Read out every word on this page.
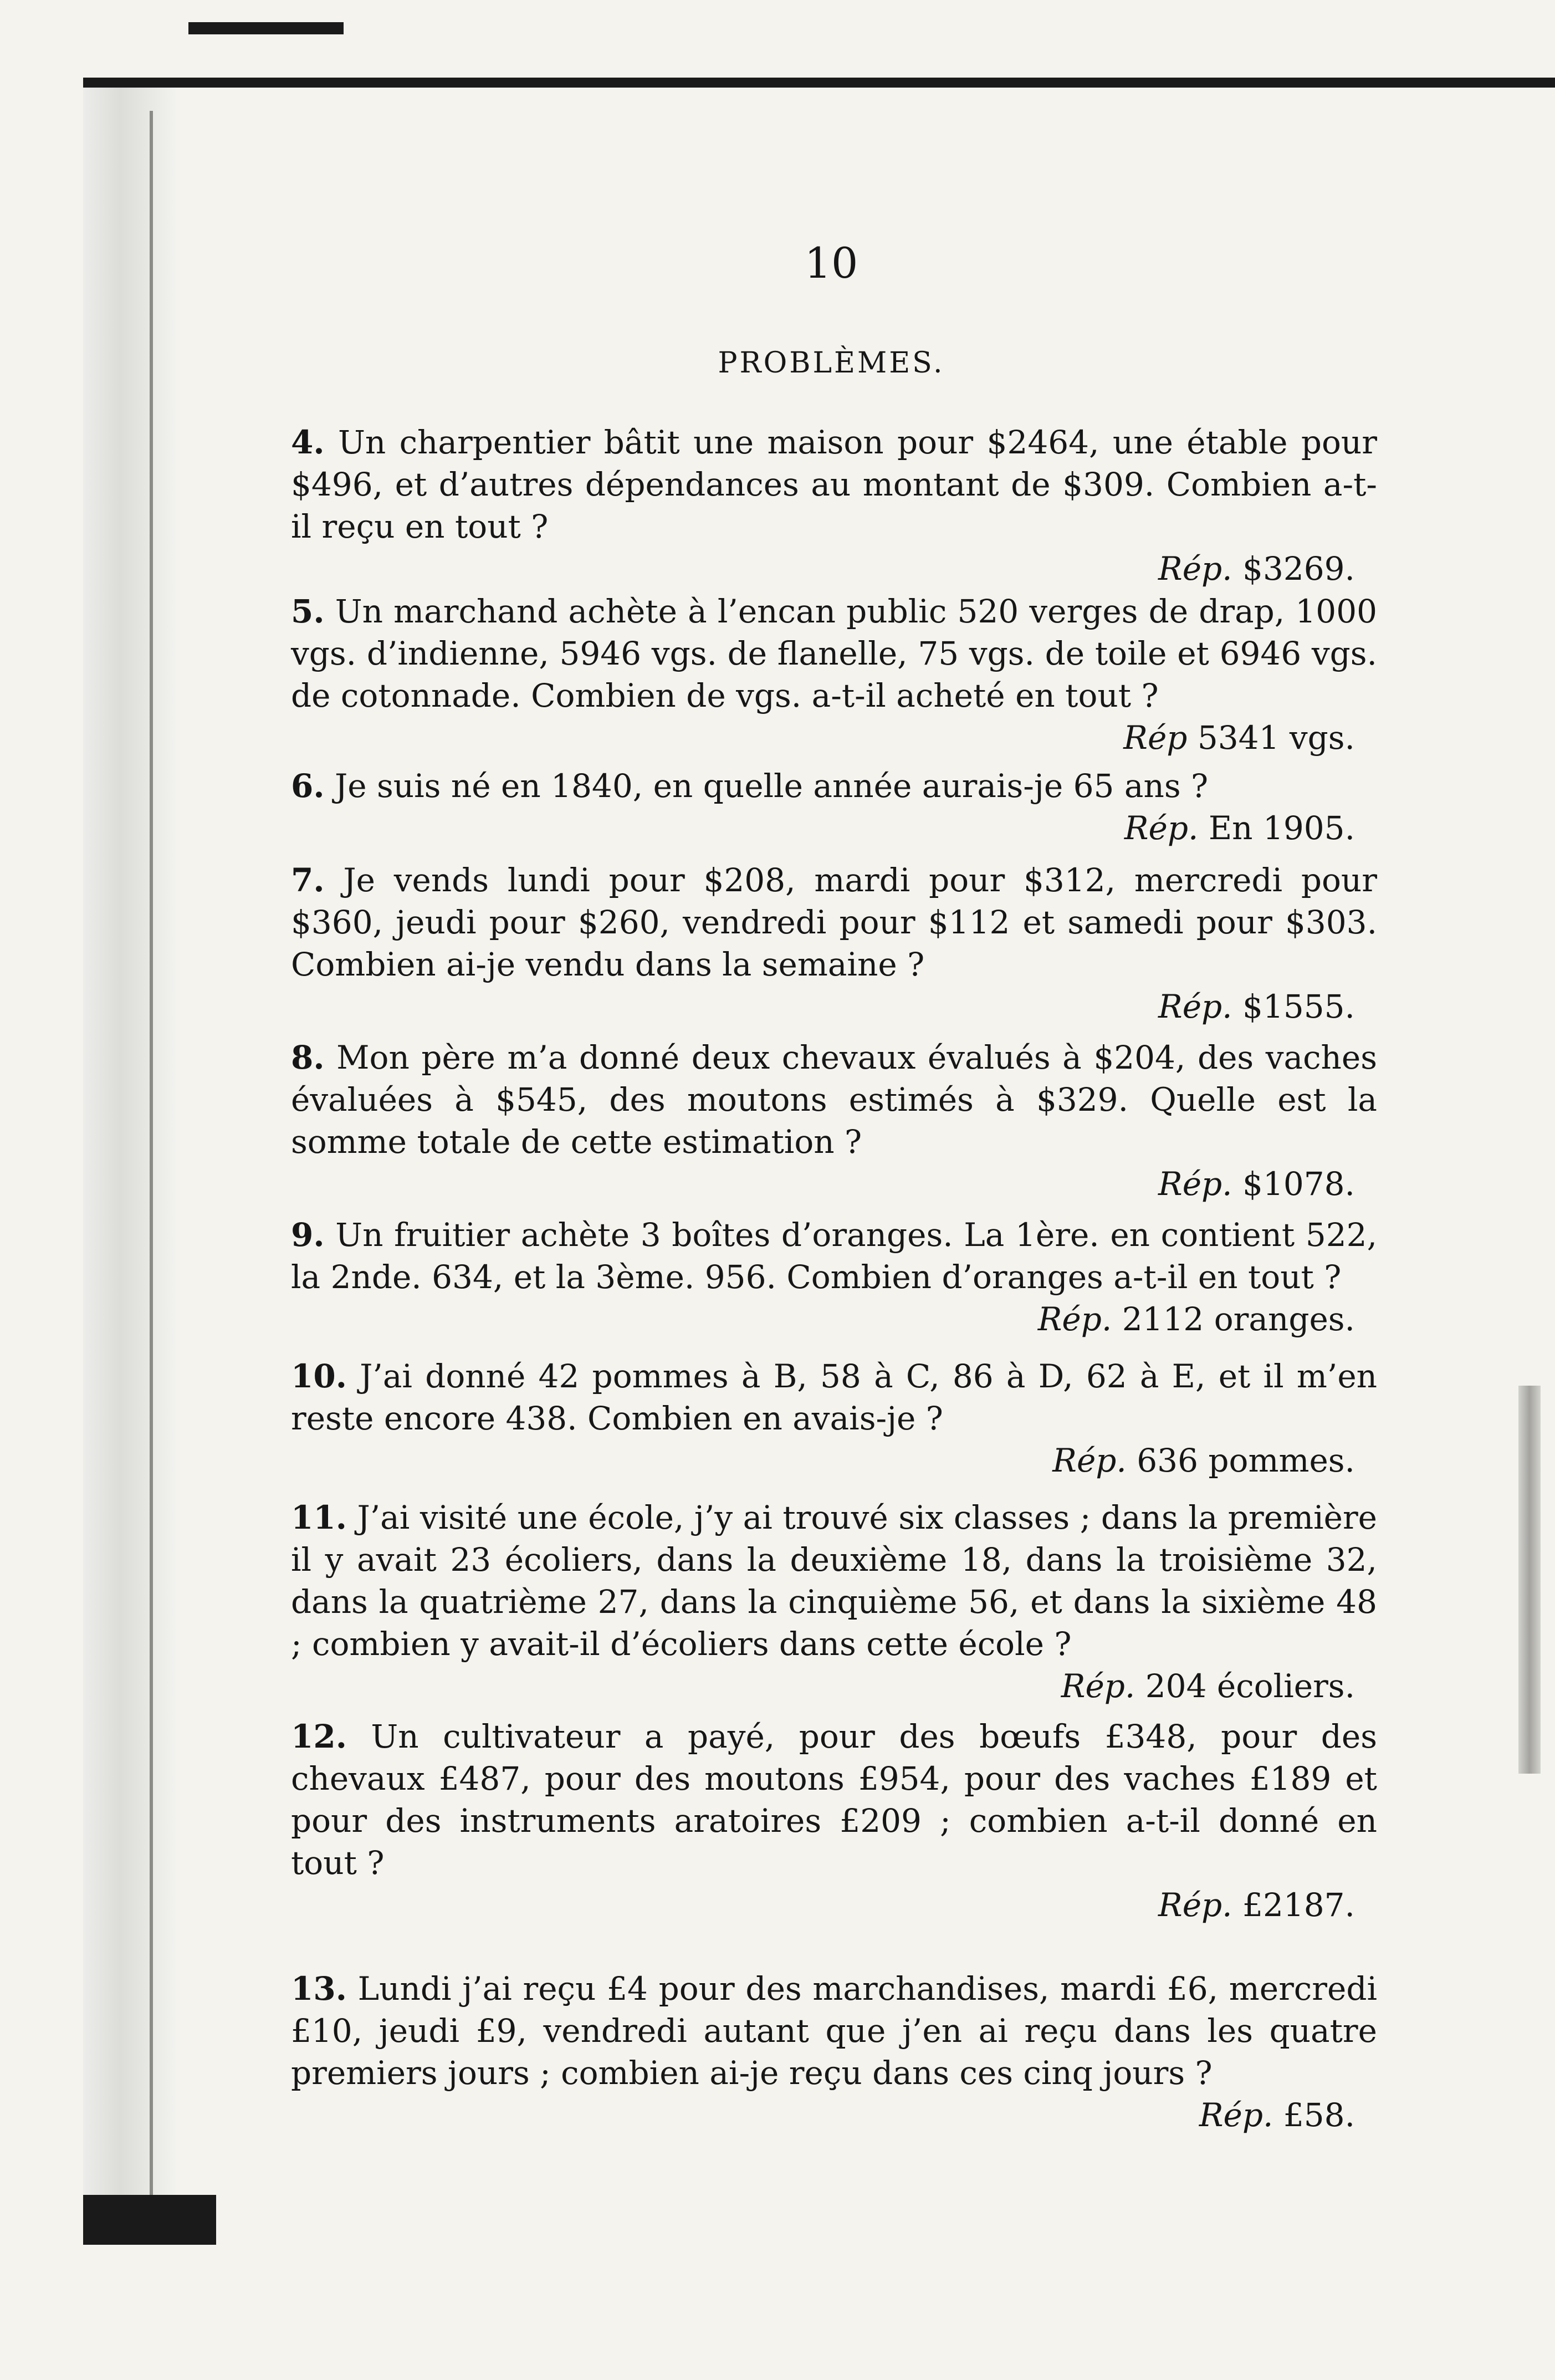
10
PROBLÈMES.
4. Un charpentier bâtit une maison pour $2464, une étable pour $496, et d’autres dépendances au montant de $309. Combien a-t-il reçu en tout ?
Rép. $3269.
5. Un marchand achète à l’encan public 520 verges de drap, 1000 vgs. d’indienne, 5946 vgs. de flanelle, 75 vgs. de toile et 6946 vgs. de cotonnade. Combien de vgs. a-t-il acheté en tout ?
Rép 5341 vgs.
6. Je suis né en 1840, en quelle année aurais-je 65 ans ?
Rép. En 1905.
7. Je vends lundi pour $208, mardi pour $312, mercredi pour $360, jeudi pour $260, vendredi pour $112 et samedi pour $303. Combien ai-je vendu dans la semaine ?
Rép. $1555.
8. Mon père m’a donné deux chevaux évalués à $204, des vaches évaluées à $545, des moutons estimés à $329. Quelle est la somme totale de cette estimation ?
Rép. $1078.
9. Un fruitier achète 3 boîtes d’oranges. La 1ère. en contient 522, la 2nde. 634, et la 3ème. 956. Combien d’oranges a-t-il en tout ?
Rép. 2112 oranges.
10. J’ai donné 42 pommes à B, 58 à C, 86 à D, 62 à E, et il m’en reste encore 438. Combien en avais-je ?
Rép. 636 pommes.
11. J’ai visité une école, j’y ai trouvé six classes ; dans la première il y avait 23 écoliers, dans la deuxième 18, dans la troisième 32, dans la quatrième 27, dans la cinquième 56, et dans la sixième 48 ; combien y avait-il d’écoliers dans cette école ?
Rép. 204 écoliers.
12. Un cultivateur a payé, pour des bœufs £348, pour des chevaux £487, pour des moutons £954, pour des vaches £189 et pour des instruments aratoires £209 ; combien a-t-il donné en tout ?
Rép. £2187.
13. Lundi j’ai reçu £4 pour des marchandises, mardi £6, mercredi £10, jeudi £9, vendredi autant que j’en ai reçu dans les quatre premiers jours ; combien ai-je reçu dans ces cinq jours ?
Rép. £58.
